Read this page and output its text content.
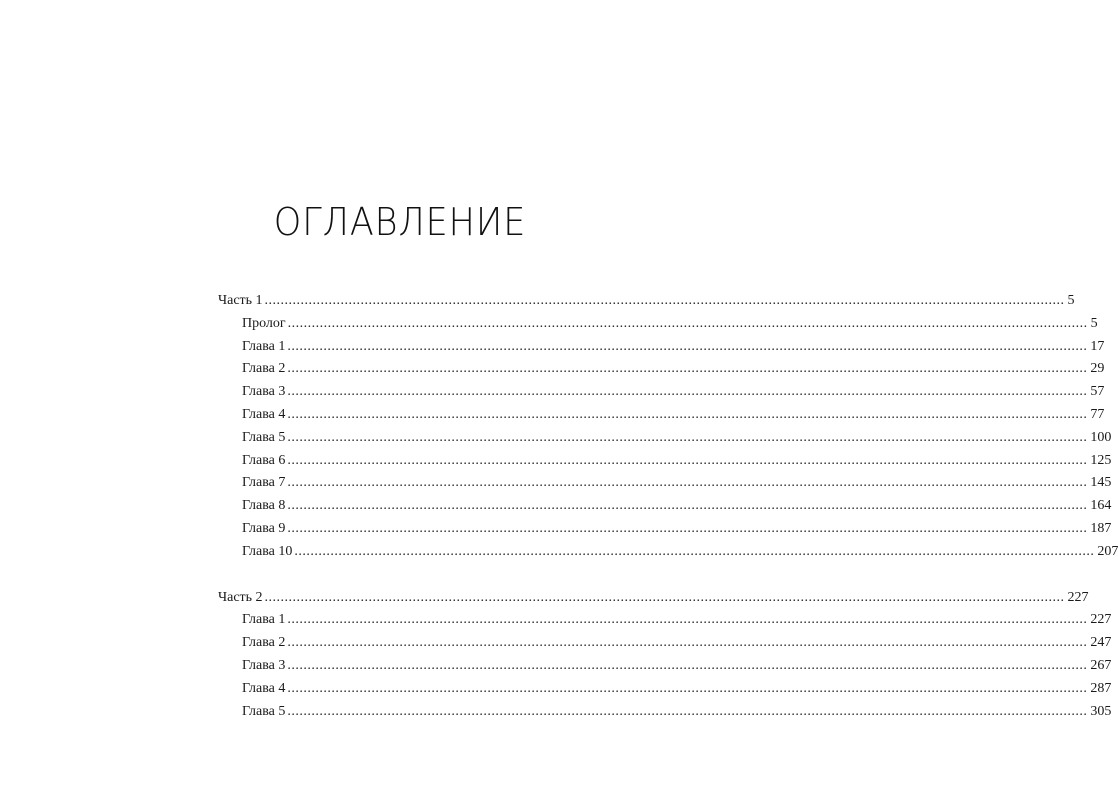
ОГЛАВЛЕНИЕ
Часть 1 ........................................................................................................................................................................................................ 5
Пролог ........................................................................................................................................................................................................ 5
Глава 1 ........................................................................................................................................................................................................ 17
Глава 2 ........................................................................................................................................................................................................ 29
Глава 3 ........................................................................................................................................................................................................ 57
Глава 4 ........................................................................................................................................................................................................ 77
Глава 5 ........................................................................................................................................................................................................ 100
Глава 6 ........................................................................................................................................................................................................ 125
Глава 7 ........................................................................................................................................................................................................ 145
Глава 8 ........................................................................................................................................................................................................ 164
Глава 9 ........................................................................................................................................................................................................ 187
Глава 10 ........................................................................................................................................................................................................ 207
Часть 2 ........................................................................................................................................................................................................ 227
Глава 1 ........................................................................................................................................................................................................ 227
Глава 2 ........................................................................................................................................................................................................ 247
Глава 3 ........................................................................................................................................................................................................ 267
Глава 4 ........................................................................................................................................................................................................ 287
Глава 5 ........................................................................................................................................................................................................ 305
